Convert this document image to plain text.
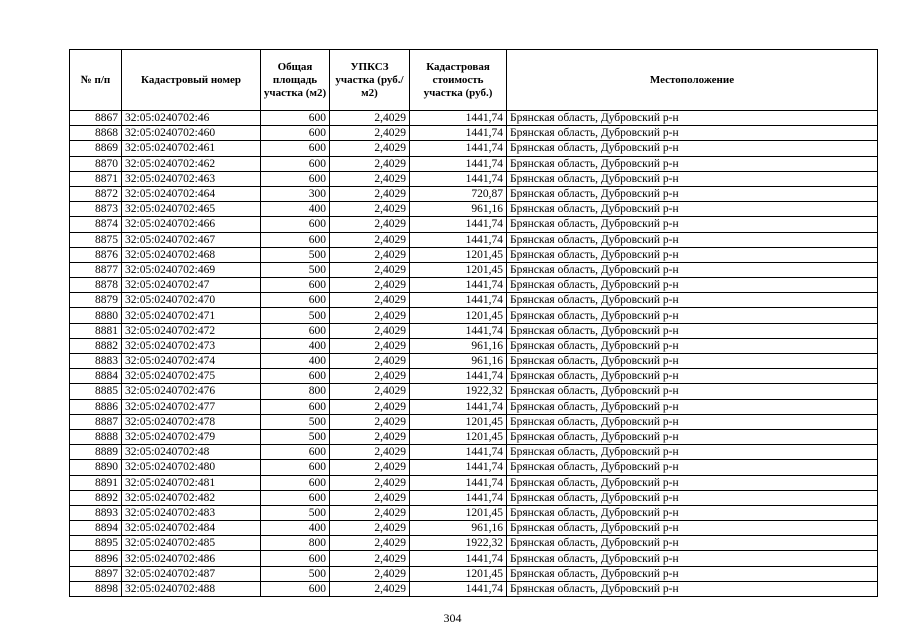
№ п/п	Кадастровый номер	Общая площадь участка (м2)	УПКСЗ участка (руб./м2)	Кадастровая стоимость участка (руб.)	Местоположение
8867	32:05:0240702:46	600	2,4029	1441,74	Брянская область, Дубровский р-н
8868	32:05:0240702:460	600	2,4029	1441,74	Брянская область, Дубровский р-н
8869	32:05:0240702:461	600	2,4029	1441,74	Брянская область, Дубровский р-н
8870	32:05:0240702:462	600	2,4029	1441,74	Брянская область, Дубровский р-н
8871	32:05:0240702:463	600	2,4029	1441,74	Брянская область, Дубровский р-н
8872	32:05:0240702:464	300	2,4029	720,87	Брянская область, Дубровский р-н
8873	32:05:0240702:465	400	2,4029	961,16	Брянская область, Дубровский р-н
8874	32:05:0240702:466	600	2,4029	1441,74	Брянская область, Дубровский р-н
8875	32:05:0240702:467	600	2,4029	1441,74	Брянская область, Дубровский р-н
8876	32:05:0240702:468	500	2,4029	1201,45	Брянская область, Дубровский р-н
8877	32:05:0240702:469	500	2,4029	1201,45	Брянская область, Дубровский р-н
8878	32:05:0240702:47	600	2,4029	1441,74	Брянская область, Дубровский р-н
8879	32:05:0240702:470	600	2,4029	1441,74	Брянская область, Дубровский р-н
8880	32:05:0240702:471	500	2,4029	1201,45	Брянская область, Дубровский р-н
8881	32:05:0240702:472	600	2,4029	1441,74	Брянская область, Дубровский р-н
8882	32:05:0240702:473	400	2,4029	961,16	Брянская область, Дубровский р-н
8883	32:05:0240702:474	400	2,4029	961,16	Брянская область, Дубровский р-н
8884	32:05:0240702:475	600	2,4029	1441,74	Брянская область, Дубровский р-н
8885	32:05:0240702:476	800	2,4029	1922,32	Брянская область, Дубровский р-н
8886	32:05:0240702:477	600	2,4029	1441,74	Брянская область, Дубровский р-н
8887	32:05:0240702:478	500	2,4029	1201,45	Брянская область, Дубровский р-н
8888	32:05:0240702:479	500	2,4029	1201,45	Брянская область, Дубровский р-н
8889	32:05:0240702:48	600	2,4029	1441,74	Брянская область, Дубровский р-н
8890	32:05:0240702:480	600	2,4029	1441,74	Брянская область, Дубровский р-н
8891	32:05:0240702:481	600	2,4029	1441,74	Брянская область, Дубровский р-н
8892	32:05:0240702:482	600	2,4029	1441,74	Брянская область, Дубровский р-н
8893	32:05:0240702:483	500	2,4029	1201,45	Брянская область, Дубровский р-н
8894	32:05:0240702:484	400	2,4029	961,16	Брянская область, Дубровский р-н
8895	32:05:0240702:485	800	2,4029	1922,32	Брянская область, Дубровский р-н
8896	32:05:0240702:486	600	2,4029	1441,74	Брянская область, Дубровский р-н
8897	32:05:0240702:487	500	2,4029	1201,45	Брянская область, Дубровский р-н
8898	32:05:0240702:488	600	2,4029	1441,74	Брянская область, Дубровский р-н
304
